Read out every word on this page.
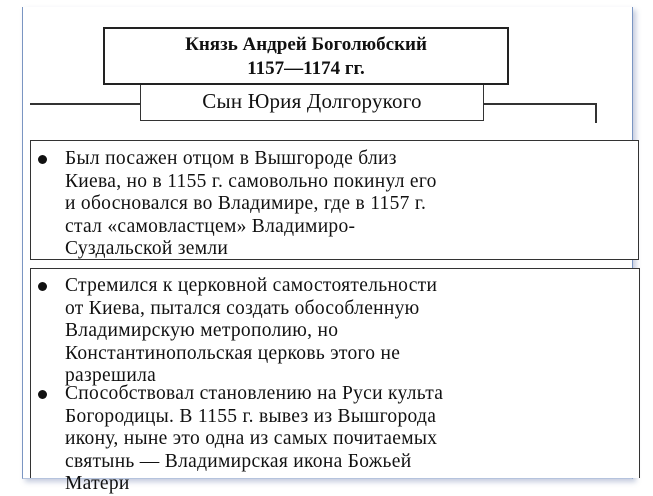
Князь Андрей Боголюбский
1157—1174 гг.
Сын Юрия Долгорукого
Был посажен отцом в Вышгороде близ
Киева, но в 1155 г. самовольно покинул его
и обосновался во Владимире, где в 1157 г.
стал «самовластцем» Владимиро-
Суздальской земли
Стремился к церковной самостоятельности
от Киева, пытался создать обособленную
Владимирскую метрополию, но
Константинопольская церковь этого не
разрешила
Способствовал становлению на Руси культа
Богородицы. В 1155 г. вывез из Вышгорода
икону, ныне это одна из самых почитаемых
святынь — Владимирская икона Божьей
Матери
